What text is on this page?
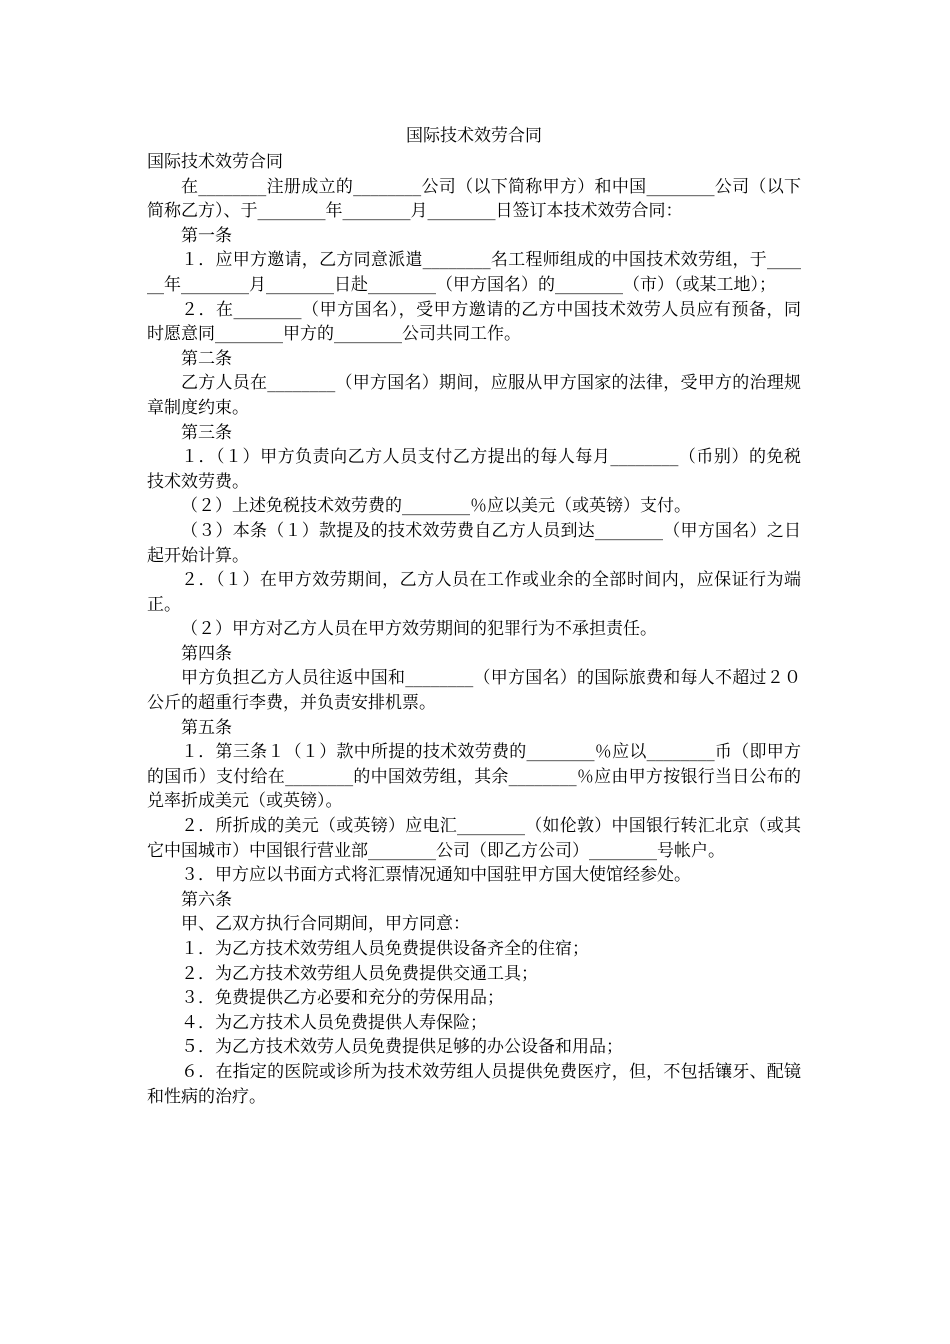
国际技术效劳合同
国际技术效劳合同

在________注册成立的________公司（以下简称甲方）和中国________公司（以下简称乙方）、于________年________月________日签订本技术效劳合同：

第一条

１．应甲方邀请，乙方同意派遣________名工程师组成的中国技术效劳组，于______年________月________日赴________（甲方国名）的________（市）（或某工地）；

２．在________（甲方国名），受甲方邀请的乙方中国技术效劳人员应有预备，同时愿意同________甲方的________公司共同工作。

第二条

乙方人员在________（甲方国名）期间，应服从甲方国家的法律，受甲方的治理规章制度约束。

第三条

１．（１）甲方负责向乙方人员支付乙方提出的每人每月________（币别）的免税技术效劳费。

（２）上述免税技术效劳费的________％应以美元（或英镑）支付。

（３）本条（１）款提及的技术效劳费自乙方人员到达________（甲方国名）之日起开始计算。

２．（１）在甲方效劳期间，乙方人员在工作或业余的全部时间内，应保证行为端正。

（２）甲方对乙方人员在甲方效劳期间的犯罪行为不承担责任。

第四条

甲方负担乙方人员往返中国和________（甲方国名）的国际旅费和每人不超过２０公斤的超重行李费，并负责安排机票。

第五条

１．第三条１（１）款中所提的技术效劳费的________％应以________币（即甲方的国币）支付给在________的中国效劳组，其余________％应由甲方按银行当日公布的兑率折成美元（或英镑）。

２．所折成的美元（或英镑）应电汇________（如伦敦）中国银行转汇北京（或其它中国城市）中国银行营业部________公司（即乙方公司）________号帐户。

３．甲方应以书面方式将汇票情况通知中国驻甲方国大使馆经参处。

第六条

甲、乙双方执行合同期间，甲方同意：

１．为乙方技术效劳组人员免费提供设备齐全的住宿；

２．为乙方技术效劳组人员免费提供交通工具；

３．免费提供乙方必要和充分的劳保用品；

４．为乙方技术人员免费提供人寿保险；

５．为乙方技术效劳人员免费提供足够的办公设备和用品；

６．在指定的医院或诊所为技术效劳组人员提供免费医疗，但，不包括镶牙、配镜和性病的治疗。
